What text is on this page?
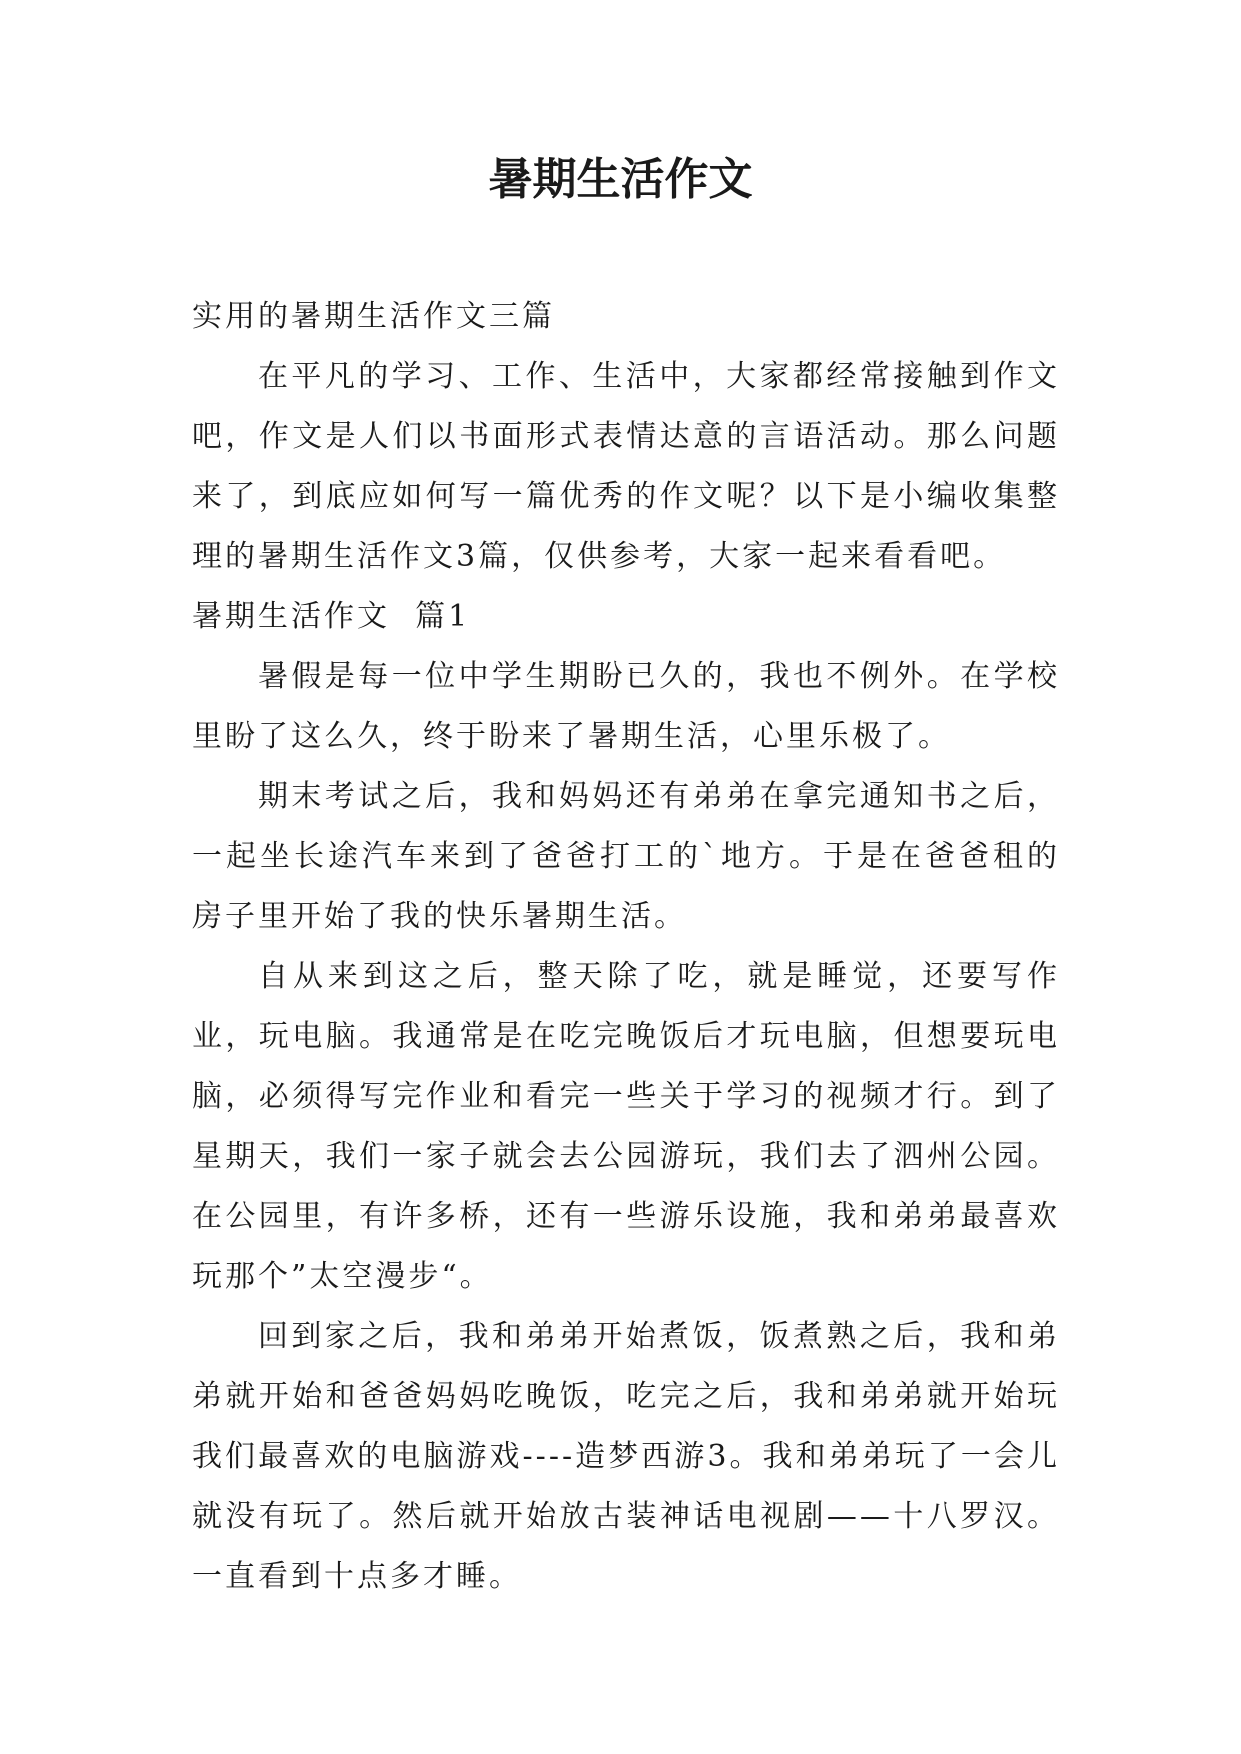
暑期生活作文

实用的暑期生活作文三篇

在平凡的学习、工作、生活中，大家都经常接触到作文吧，作文是人们以书面形式表情达意的言语活动。那么问题来了，到底应如何写一篇优秀的作文呢？以下是小编收集整理的暑期生活作文3篇，仅供参考，大家一起来看看吧。

暑期生活作文  篇1

暑假是每一位中学生期盼已久的，我也不例外。在学校里盼了这么久，终于盼来了暑期生活，心里乐极了。

期末考试之后，我和妈妈还有弟弟在拿完通知书之后，一起坐长途汽车来到了爸爸打工的`地方。于是在爸爸租的房子里开始了我的快乐暑期生活。

自从来到这之后，整天除了吃，就是睡觉，还要写作业，玩电脑。我通常是在吃完晚饭后才玩电脑，但想要玩电脑，必须得写完作业和看完一些关于学习的视频才行。到了星期天，我们一家子就会去公园游玩，我们去了泗州公园。在公园里，有许多桥，还有一些游乐设施，我和弟弟最喜欢玩那个”太空漫步“。

回到家之后，我和弟弟开始煮饭，饭煮熟之后，我和弟弟就开始和爸爸妈妈吃晚饭，吃完之后，我和弟弟就开始玩我们最喜欢的电脑游戏----造梦西游3。我和弟弟玩了一会儿就没有玩了。然后就开始放古装神话电视剧——十八罗汉。一直看到十点多才睡。
